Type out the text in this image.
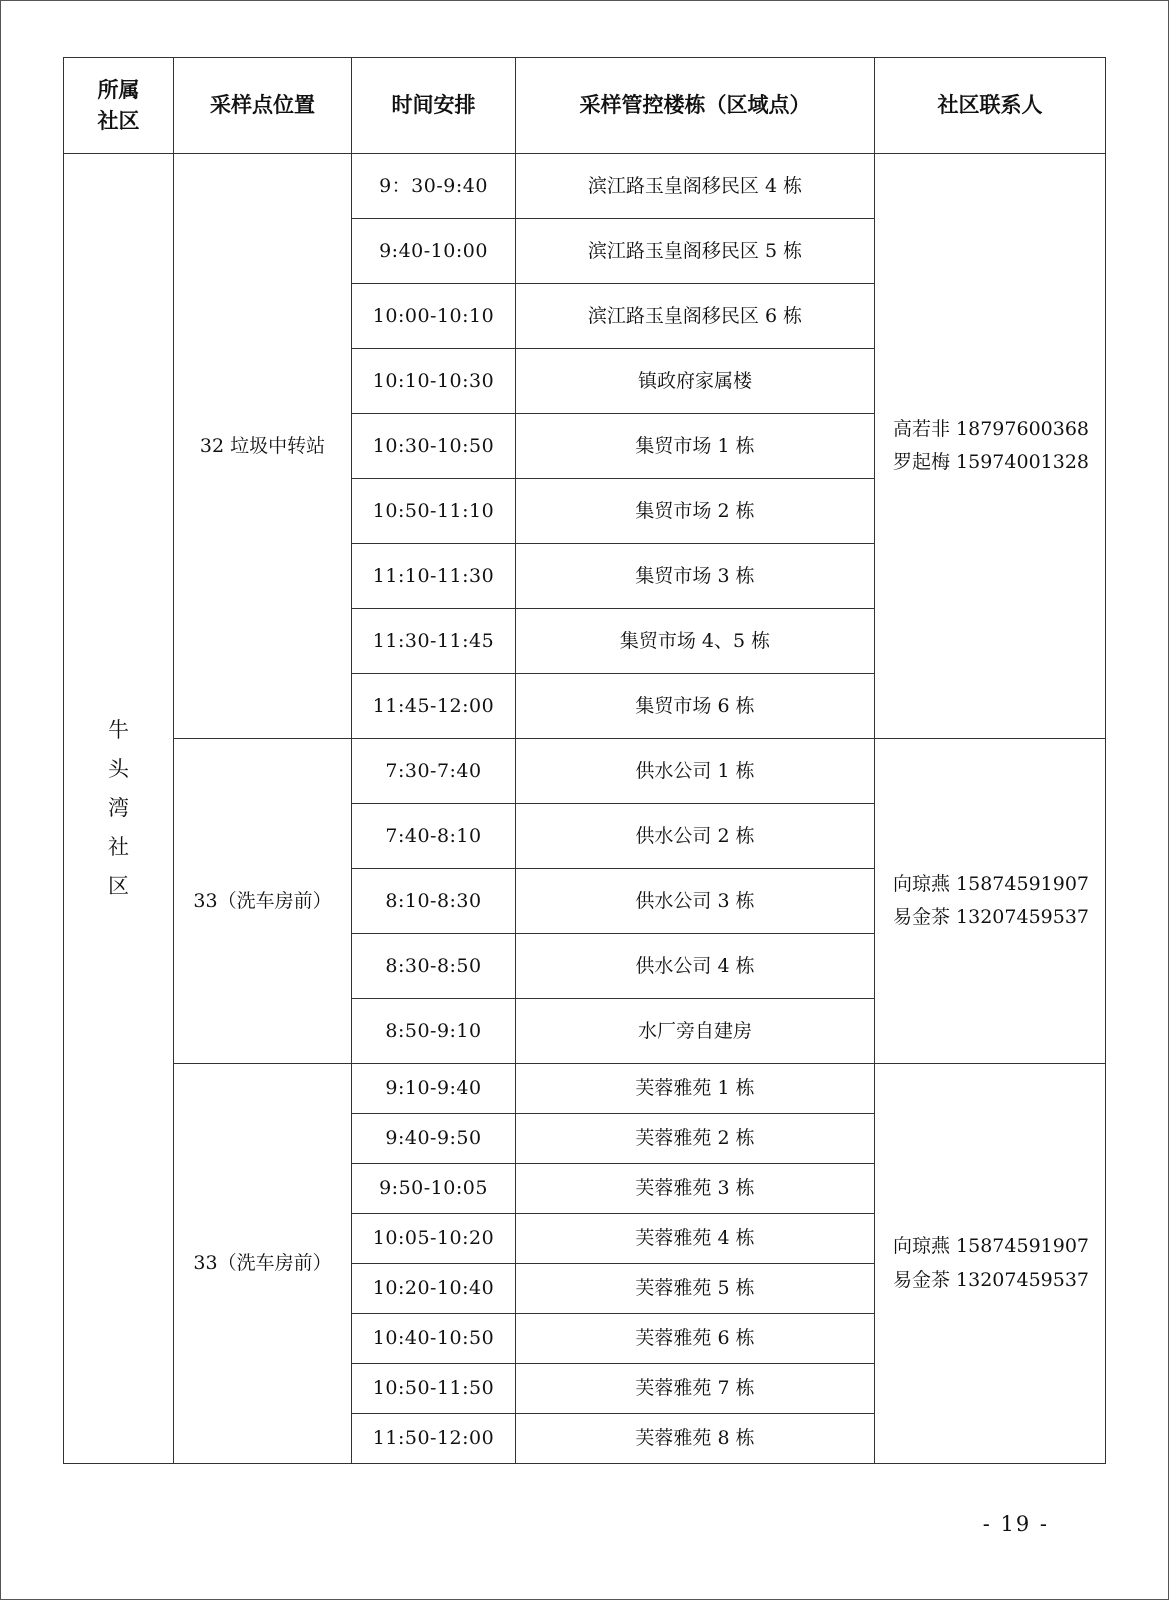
所属社区	采样点位置	时间安排	采样管控楼栋（区域点）	社区联系人
牛头湾社区	32 垃圾中转站	9：30-9:40	滨江路玉皇阁移民区 4 栋	高若非 18797600368
罗起梅 15974001328

		9:40-10:00	滨江路玉皇阁移民区 5 栋	
		10:00-10:10	滨江路玉皇阁移民区 6 栋	
		10:10-10:30	镇政府家属楼	
		10:30-10:50	集贸市场 1 栋	
		10:50-11:10	集贸市场 2 栋	
		11:10-11:30	集贸市场 3 栋	
		11:30-11:45	集贸市场 4、5 栋	
		11:45-12:00	集贸市场 6 栋	
	33（洗车房前）	7:30-7:40	供水公司 1 栋	向琼燕 15874591907
易金茶 13207459537

		7:40-8:10	供水公司 2 栋	
		8:10-8:30	供水公司 3 栋	
		8:30-8:50	供水公司 4 栋	
		8:50-9:10	水厂旁自建房	
	33（洗车房前）	9:10-9:40	芙蓉雅苑 1 栋	向琼燕 15874591907
易金茶 13207459537

		9:40-9:50	芙蓉雅苑 2 栋	
		9:50-10:05	芙蓉雅苑 3 栋	
		10:05-10:20	芙蓉雅苑 4 栋	
		10:20-10:40	芙蓉雅苑 5 栋	
		10:40-10:50	芙蓉雅苑 6 栋	
		10:50-11:50	芙蓉雅苑 7 栋	
		11:50-12:00	芙蓉雅苑 8 栋	
- 19 -
